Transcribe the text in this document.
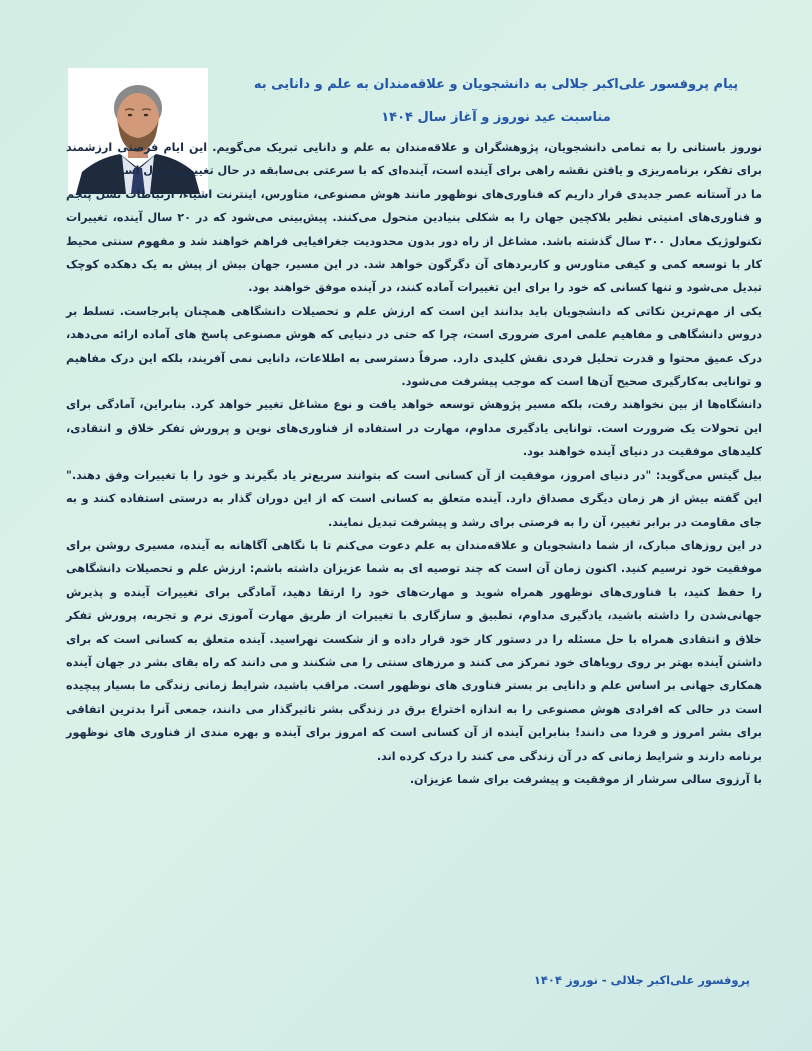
پیام پروفسور علی‌اکبر جلالی به دانشجویان و علاقه‌مندان به علم و دانایی به مناسبت عید نوروز و آغاز سال ۱۴۰۴

نوروز باستانی را به تمامی دانشجویان، پژوهشگران و علاقه‌مندان به علم و دانایی تبریک می‌گویم. این ایام فرصتی ارزشمند برای تفکر، برنامه‌ریزی و یافتن نقشه راهی برای آینده است، آینده‌ای که با سرعتی بی‌سابقه در حال تغییر و تحول است.

ما در آستانه عصر جدیدی قرار داریم که فناوری‌های نوظهور مانند هوش مصنوعی، متاورس، اینترنت اشیاء، ارتباطات نسل پنجم و فناوری‌های امنیتی نظیر بلاکچین جهان را به شکلی بنیادین متحول می‌کنند. پیش‌بینی می‌شود که در ۲۰ سال آینده، تغییرات تکنولوژیک معادل ۳۰۰ سال گذشته باشد. مشاغل از راه دور بدون محدودیت جغرافیایی فراهم خواهند شد و مفهوم سنتی محیط کار با توسعه کمی و کیفی متاورس و کاربردهای آن دگرگون خواهد شد. در این مسیر، جهان بیش از پیش به یک دهکده کوچک تبدیل می‌شود و تنها کسانی که خود را برای این تغییرات آماده کنند، در آینده موفق خواهند بود.

یکی از مهم‌ترین نکاتی که دانشجویان باید بدانند این است که ارزش علم و تحصیلات دانشگاهی همچنان پابرجاست. تسلط بر دروس دانشگاهی و مفاهیم علمی امری ضروری است، چرا که حتی در دنیایی که هوش مصنوعی پاسخ های آماده ارائه می‌دهد، درک عمیق محتوا و قدرت تحلیل فردی نقش کلیدی دارد. صرفاً دسترسی به اطلاعات، دانایی نمی آفریند، بلکه این درک مفاهیم و توانایی به‌کارگیری صحیح آن‌ها است که موجب پیشرفت می‌شود.

دانشگاه‌ها از بین نخواهند رفت، بلکه مسیر پژوهش توسعه خواهد یافت و نوع مشاغل تغییر خواهد کرد. بنابراین، آمادگی برای این تحولات یک ضرورت است. توانایی یادگیری مداوم، مهارت در استفاده از فناوری‌های نوین و پرورش تفکر خلاق و انتقادی، کلیدهای موفقیت در دنیای آینده خواهند بود.

بیل گیتس می‌گوید: "در دنیای امروز، موفقیت از آن کسانی است که بتوانند سریع‌تر یاد بگیرند و خود را با تغییرات وفق دهند." این گفته بیش از هر زمان دیگری مصداق دارد. آینده متعلق به کسانی است که از این دوران گذار به درستی استفاده کنند و به جای مقاومت در برابر تغییر، آن را به فرصتی برای رشد و پیشرفت تبدیل نمایند.

در این روزهای مبارک، از شما دانشجویان و علاقه‌مندان به علم دعوت می‌کنم تا با نگاهی آگاهانه به آینده، مسیری روشن برای موفقیت خود ترسیم کنید. اکنون زمان آن است که چند توصیه ای به شما عزیزان داشته باشم: ارزش علم و تحصیلات دانشگاهی را حفظ کنید، با فناوری‌های نوظهور همراه شوید و مهارت‌های خود را ارتقا دهید، آمادگی برای تغییرات آینده و پذیرش جهانی‌شدن را داشته باشید، یادگیری مداوم، تطبیق و سازگاری با تغییرات از طریق مهارت آموزی نرم و تجربه، پرورش تفکر خلاق و انتقادی همراه با حل مسئله را در دستور کار خود قرار داده و از شکست نهراسید. آینده متعلق به کسانی است که برای داشتن آینده بهتر بر روی رویاهای خود تمرکز می کنند و مرزهای سنتی را می شکنند و می دانند که راه بقای بشر در جهان آینده همکاری جهانی بر اساس علم و دانایی بر بستر فناوری های نوظهور است. مراقب باشید، شرایط زمانی زندگی ما بسیار پیچیده است در حالی که افرادی هوش مصنوعی را به اندازه اختراع برق در زندگی بشر تاثیرگذار می دانند، جمعی آنرا بدترین اتفاقی برای بشر امروز و فردا می دانند! بنابراین آینده از آن کسانی است که امروز برای آینده و بهره مندی از فناوری های نوظهور برنامه دارند و شرایط زمانی که در آن زندگی می کنند را درک کرده اند.

با آرزوی سالی سرشار از موفقیت و پیشرفت برای شما عزیزان.

پروفسور علی‌اکبر جلالی - نوروز ۱۴۰۴
